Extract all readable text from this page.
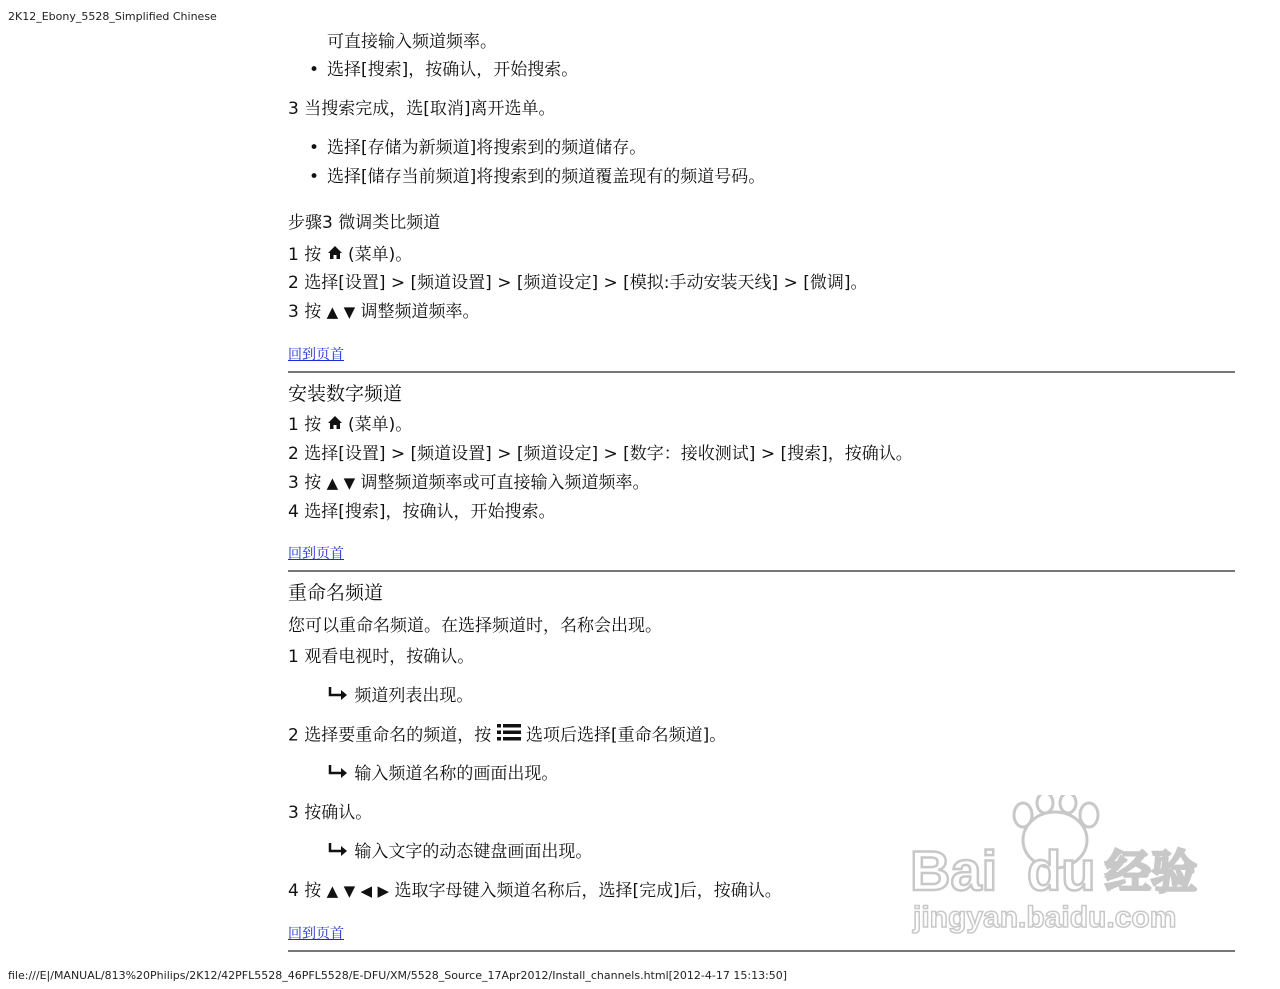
2K12_Ebony_5528_Simplified Chinese
可直接输入频道频率。
• 选择[搜索]，按确认，开始搜索。
3 当搜索完成，选[取消]离开选单。
• 选择[存储为新频道]将搜索到的频道储存。
• 选择[储存当前频道]将搜索到的频道覆盖现有的频道号码。
步骤3 微调类比频道
1 按 (菜单)。
2 选择[设置] > [频道设置] > [频道设定] > [模拟:手动安装天线] > [微调]。
3 按 ▲ ▼ 调整频道频率。
回到页首
安装数字频道
1 按 (菜单)。
2 选择[设置] > [频道设置] > [频道设定] > [数字：接收测试] > [搜索]，按确认。
3 按 ▲ ▼ 调整频道频率或可直接输入频道频率。
4 选择[搜索]，按确认，开始搜索。
回到页首
重命名频道
您可以重命名频道。在选择频道时，名称会出现。
1 观看电视时，按确认。
频道列表出现。
2 选择要重命名的频道，按 选项后选择[重命名频道]。
输入频道名称的画面出现。
3 按确认。
输入文字的动态键盘画面出现。
4 按 ▲ ▼ ◀ ▶ 选取字母键入频道名称后，选择[完成]后，按确认。
回到页首
Bai du 经验
jingyan.baidu.com
file:///E|/MANUAL/813%20Philips/2K12/42PFL5528_46PFL5528/E-DFU/XM/5528_Source_17Apr2012/Install_channels.html[2012-4-17 15:13:50]
